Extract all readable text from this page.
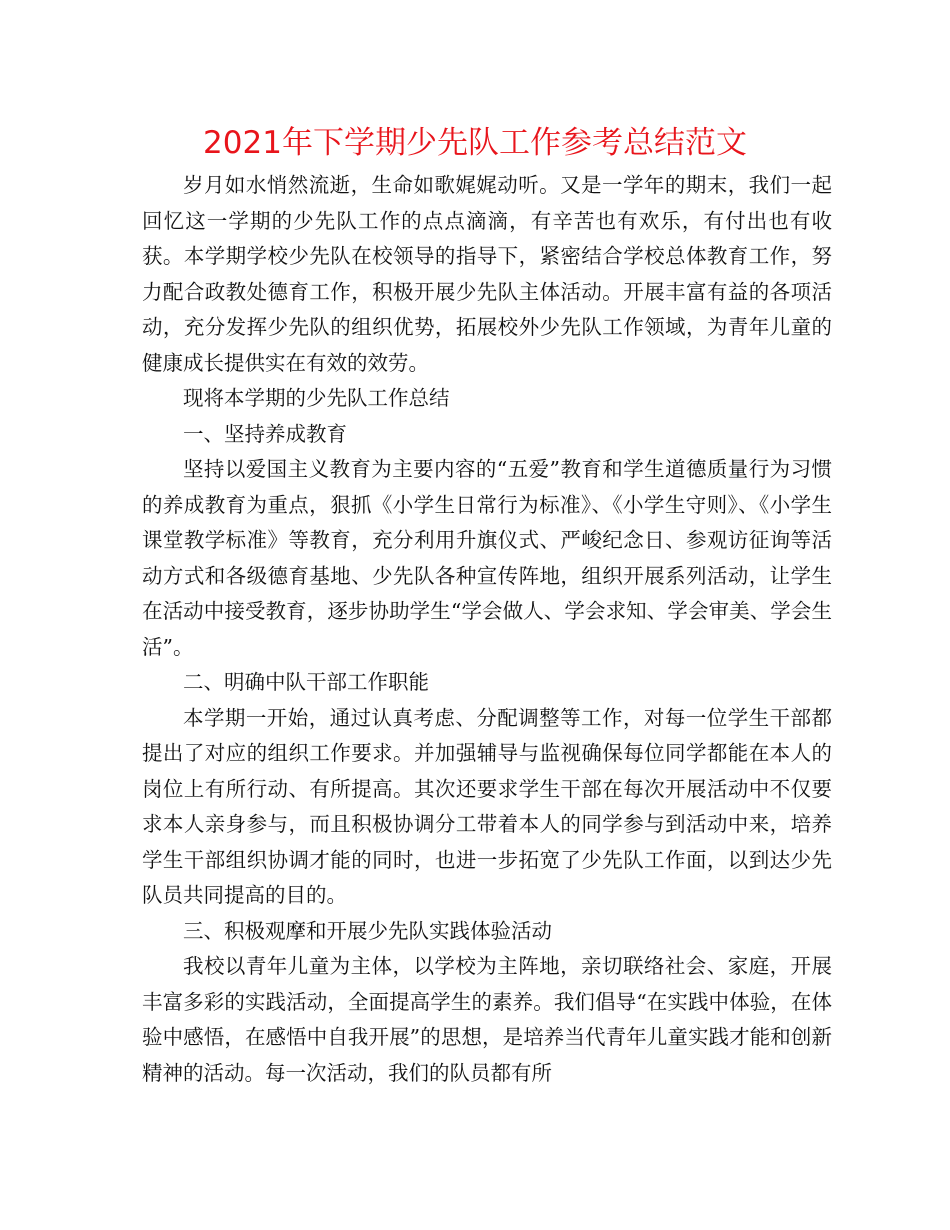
2021年下学期少先队工作参考总结范文

岁月如水悄然流逝，生命如歌娓娓动听。又是一学年的期末，我们一起回忆这一学期的少先队工作的点点滴滴，有辛苦也有欢乐，有付出也有收获。本学期学校少先队在校领导的指导下，紧密结合学校总体教育工作，努力配合政教处德育工作，积极开展少先队主体活动。开展丰富有益的各项活动，充分发挥少先队的组织优势，拓展校外少先队工作领域，为青年儿童的健康成长提供实在有效的效劳。

现将本学期的少先队工作总结

一、坚持养成教育

坚持以爱国主义教育为主要内容的“五爱”教育和学生道德质量行为习惯的养成教育为重点，狠抓《小学生日常行为标准》、《小学生守则》、《小学生课堂教学标准》等教育，充分利用升旗仪式、严峻纪念日、参观访征询等活动方式和各级德育基地、少先队各种宣传阵地，组织开展系列活动，让学生在活动中接受教育，逐步协助学生“学会做人、学会求知、学会审美、学会生活”。

二、明确中队干部工作职能

本学期一开始，通过认真考虑、分配调整等工作，对每一位学生干部都提出了对应的组织工作要求。并加强辅导与监视确保每位同学都能在本人的岗位上有所行动、有所提高。其次还要求学生干部在每次开展活动中不仅要求本人亲身参与，而且积极协调分工带着本人的同学参与到活动中来，培养学生干部组织协调才能的同时，也进一步拓宽了少先队工作面，以到达少先队员共同提高的目的。

三、积极观摩和开展少先队实践体验活动

我校以青年儿童为主体，以学校为主阵地，亲切联络社会、家庭，开展丰富多彩的实践活动，全面提高学生的素养。我们倡导“在实践中体验，在体验中感悟，在感悟中自我开展”的思想，是培养当代青年儿童实践才能和创新精神的活动。每一次活动，我们的队员都有所
